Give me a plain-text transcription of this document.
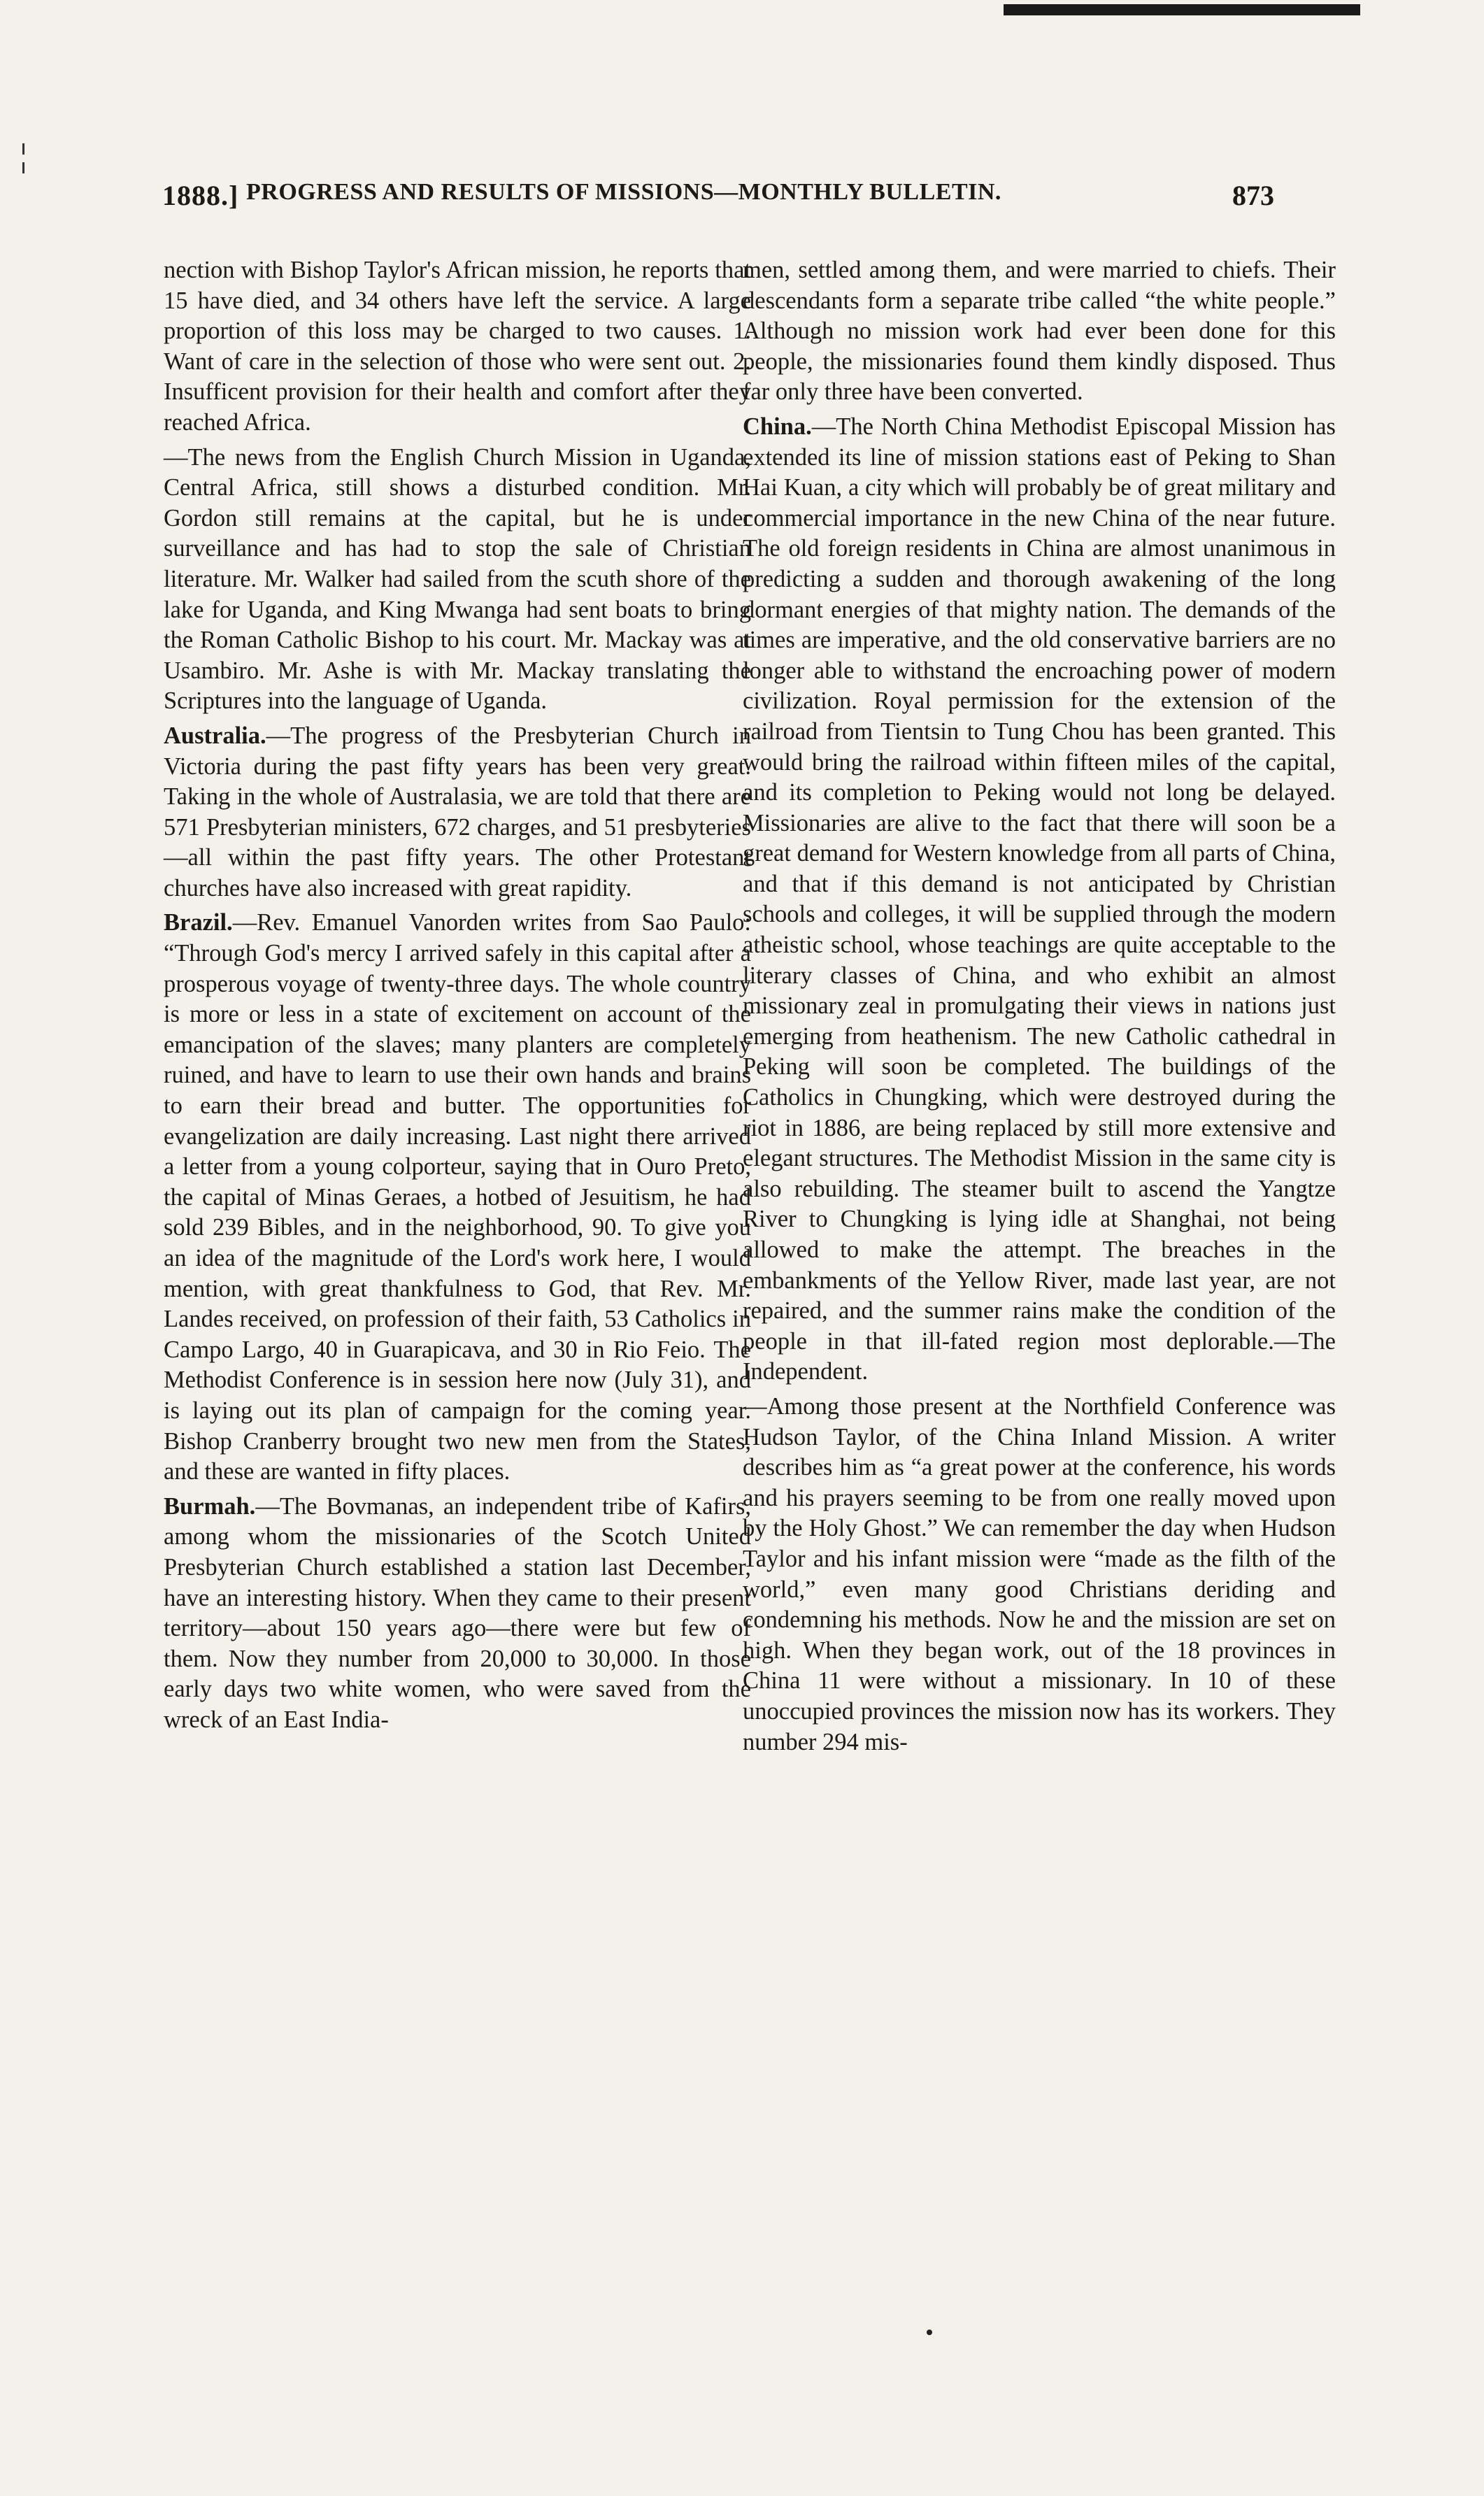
1888.] PROGRESS AND RESULTS OF MISSIONS—MONTHLY BULLETIN.	873

nection with Bishop Taylor's African mission, he reports that 15 have died, and 34 others have left the service. A large proportion of this loss may be charged to two causes. 1. Want of care in the selection of those who were sent out. 2. Insufficent provision for their health and comfort after they reached Africa.

—The news from the English Church Mission in Uganda, Central Africa, still shows a disturbed condition. Mr. Gordon still remains at the capital, but he is under surveillance and has had to stop the sale of Christian literature. Mr. Walker had sailed from the scuth shore of the lake for Uganda, and King Mwanga had sent boats to bring the Roman Catholic Bishop to his court. Mr. Mackay was at Usambiro. Mr. Ashe is with Mr. Mackay translating the Scriptures into the language of Uganda.

Australia.—The progress of the Presbyterian Church in Victoria during the past fifty years has been very great. Taking in the whole of Australasia, we are told that there are 571 Presbyterian ministers, 672 charges, and 51 presbyteries—all within the past fifty years. The other Protestant churches have also increased with great rapidity.

Brazil.—Rev. Emanuel Vanorden writes from Sao Paulo: “Through God's mercy I arrived safely in this capital after a prosperous voyage of twenty-three days. The whole country is more or less in a state of excitement on account of the emancipation of the slaves; many planters are completely ruined, and have to learn to use their own hands and brains to earn their bread and butter. The opportunities for evangelization are daily increasing. Last night there arrived a letter from a young colporteur, saying that in Ouro Preto, the capital of Minas Geraes, a hotbed of Jesuitism, he had sold 239 Bibles, and in the neighborhood, 90. To give you an idea of the magnitude of the Lord's work here, I would mention, with great thankfulness to God, that Rev. Mr. Landes received, on profession of their faith, 53 Catholics in Campo Largo, 40 in Guarapicava, and 30 in Rio Feio. The Methodist Conference is in session here now (July 31), and is laying out its plan of campaign for the coming year. Bishop Cranberry brought two new men from the States, and these are wanted in fifty places.

Burmah.—The Bovmanas, an independent tribe of Kafirs, among whom the missionaries of the Scotch United Presbyterian Church established a station last December, have an interesting history. When they came to their present territory—about 150 years ago—there were but few of them. Now they number from 20,000 to 30,000. In those early days two white women, who were saved from the wreck of an East India-

men, settled among them, and were married to chiefs. Their descendants form a separate tribe called “the white people.” Although no mission work had ever been done for this people, the missionaries found them kindly disposed. Thus far only three have been converted.

China.—The North China Methodist Episcopal Mission has extended its line of mission stations east of Peking to Shan Hai Kuan, a city which will probably be of great military and commercial importance in the new China of the near future. The old foreign residents in China are almost unanimous in predicting a sudden and thorough awakening of the long dormant energies of that mighty nation. The demands of the times are imperative, and the old conservative barriers are no longer able to withstand the encroaching power of modern civilization. Royal permission for the extension of the railroad from Tientsin to Tung Chou has been granted. This would bring the railroad within fifteen miles of the capital, and its completion to Peking would not long be delayed. Missionaries are alive to the fact that there will soon be a great demand for Western knowledge from all parts of China, and that if this demand is not anticipated by Christian schools and colleges, it will be supplied through the modern atheistic school, whose teachings are quite acceptable to the literary classes of China, and who exhibit an almost missionary zeal in promulgating their views in nations just emerging from heathenism. The new Catholic cathedral in Peking will soon be completed. The buildings of the Catholics in Chungking, which were destroyed during the riot in 1886, are being replaced by still more extensive and elegant structures. The Methodist Mission in the same city is also rebuilding. The steamer built to ascend the Yangtze River to Chungking is lying idle at Shanghai, not being allowed to make the attempt. The breaches in the embankments of the Yellow River, made last year, are not repaired, and the summer rains make the condition of the people in that ill-fated region most deplorable.—The Independent.

—Among those present at the Northfield Conference was Hudson Taylor, of the China Inland Mission. A writer describes him as “a great power at the conference, his words and his prayers seeming to be from one really moved upon by the Holy Ghost.” We can remember the day when Hudson Taylor and his infant mission were “made as the filth of the world,” even many good Christians deriding and condemning his methods. Now he and the mission are set on high. When they began work, out of the 18 provinces in China 11 were without a missionary. In 10 of these unoccupied provinces the mission now has its workers. They number 294 mis-
